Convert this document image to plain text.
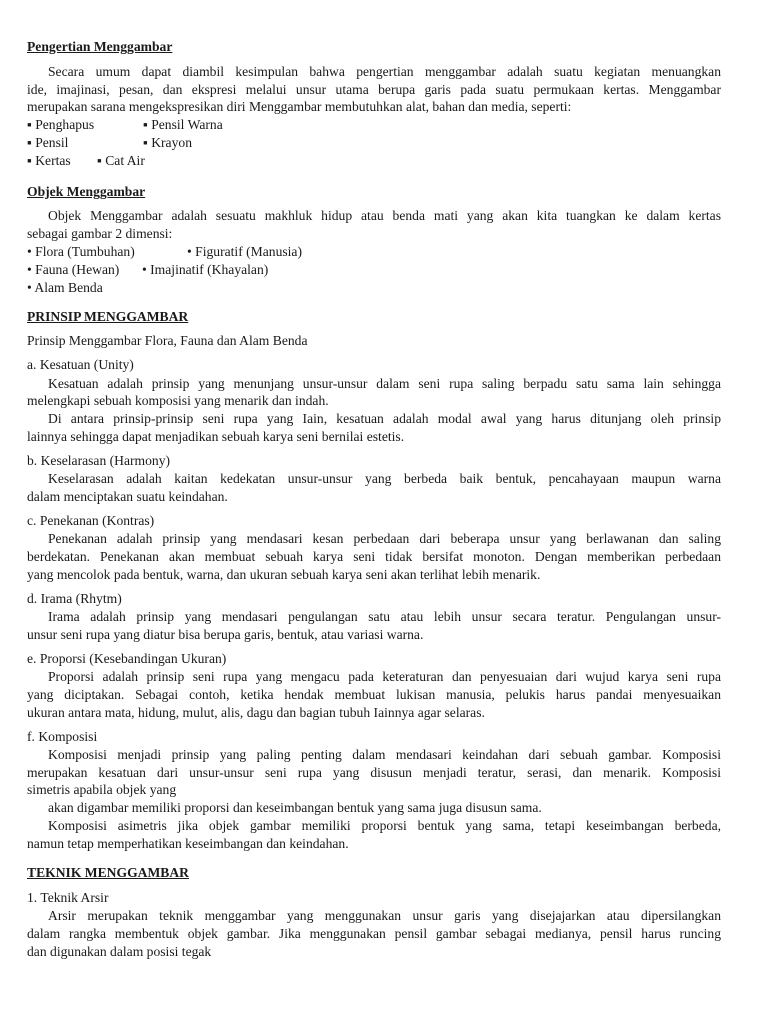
Pengertian Menggambar
Secara umum dapat diambil kesimpulan bahwa pengertian menggambar adalah suatu kegiatan menuangkan
ide, imajinasi, pesan, dan ekspresi melalui unsur utama berupa garis pada suatu permukaan kertas. Menggambar
merupakan sarana mengekspresikan diri Menggambar membutuhkan alat, bahan dan media, seperti:
▪ Penghapus	▪ Pensil Warna
▪ Pensil	▪ Krayon
▪ Kertas ▪ Cat Air
Objek Menggambar
Objek Menggambar adalah sesuatu makhluk hidup atau benda mati yang akan kita tuangkan ke dalam kertas
sebagai gambar 2 dimensi:
• Flora (Tumbuhan)	• Figuratif (Manusia)
• Fauna (Hewan) • Imajinatif (Khayalan)
• Alam Benda
PRINSIP MENGGAMBAR
Prinsip Menggambar Flora, Fauna dan Alam Benda
a. Kesatuan (Unity)
Kesatuan adalah prinsip yang menunjang unsur-unsur dalam seni rupa saling berpadu satu sama lain sehingga
melengkapi sebuah komposisi yang menarik dan indah.
Di antara prinsip-prinsip seni rupa yang Iain, kesatuan adalah modal awal yang harus ditunjang oleh prinsip
lainnya sehingga dapat menjadikan sebuah karya seni bernilai estetis.
b. Keselarasan (Harmony)
Keselarasan adalah kaitan kedekatan unsur-unsur yang berbeda baik bentuk, pencahayaan maupun warna
dalam menciptakan suatu keindahan.
c. Penekanan (Kontras)
Penekanan adalah prinsip yang mendasari kesan perbedaan dari beberapa unsur yang berlawanan dan saling
berdekatan. Penekanan akan membuat sebuah karya seni tidak bersifat monoton. Dengan memberikan perbedaan
yang mencolok pada bentuk, warna, dan ukuran sebuah karya seni akan terlihat lebih menarik.
d. Irama (Rhytm)
Irama adalah prinsip yang mendasari pengulangan satu atau lebih unsur secara teratur. Pengulangan unsur-
unsur seni rupa yang diatur bisa berupa garis, bentuk, atau variasi warna.
e. Proporsi (Kesebandingan Ukuran)
Proporsi adalah prinsip seni rupa yang mengacu pada keteraturan dan penyesuaian dari wujud karya seni rupa
yang diciptakan. Sebagai contoh, ketika hendak membuat lukisan manusia, pelukis harus pandai menyesuaikan
ukuran antara mata, hidung, mulut, alis, dagu dan bagian tubuh Iainnya agar selaras.
f. Komposisi
Komposisi menjadi prinsip yang paling penting dalam mendasari keindahan dari sebuah gambar. Komposisi
merupakan kesatuan dari unsur-unsur seni rupa yang disusun menjadi teratur, serasi, dan menarik. Komposisi
simetris apabila objek yang
akan digambar memiliki proporsi dan keseimbangan bentuk yang sama juga disusun sama.
Komposisi asimetris jika objek gambar memiliki proporsi bentuk yang sama, tetapi keseimbangan berbeda,
namun tetap memperhatikan keseimbangan dan keindahan.
TEKNIK MENGGAMBAR
1. Teknik Arsir
Arsir merupakan teknik menggambar yang menggunakan unsur garis yang disejajarkan atau dipersilangkan
dalam rangka membentuk objek gambar. Jika menggunakan pensil gambar sebagai medianya, pensil harus runcing
dan digunakan dalam posisi tegak
